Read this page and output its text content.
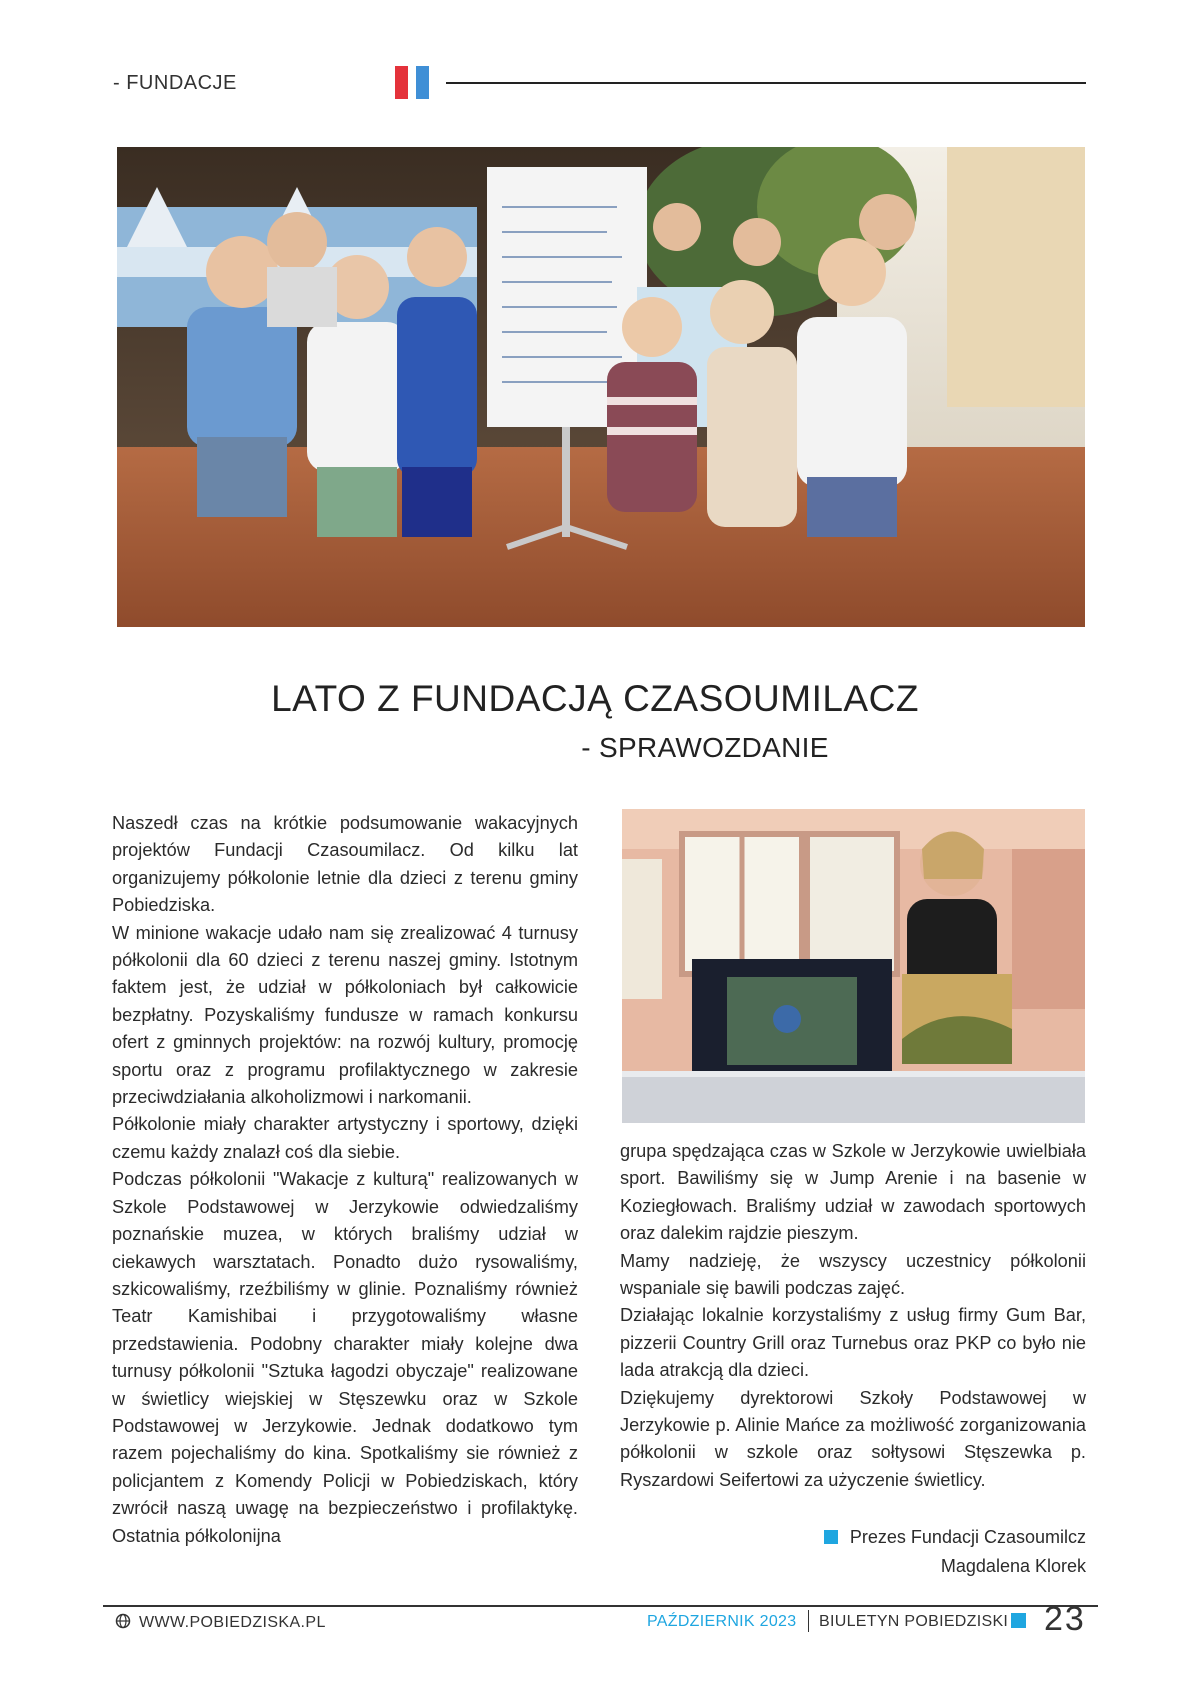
- FUNDACJE
LATO Z FUNDACJĄ CZASOUMILACZ
- SPRAWOZDANIE

Naszedł czas na krótkie podsumowanie wakacyjnych projektów Fundacji Czasoumilacz. Od kilku lat organizujemy półkolonie letnie dla dzieci z terenu gminy Pobiedziska.

W minione wakacje udało nam się zrealizować 4 turnusy półkolonii dla 60 dzieci z terenu naszej gminy. Istotnym faktem jest, że udział w półkoloniach był całkowicie bezpłatny. Pozyskaliśmy fundusze w ramach konkursu ofert z gminnych projektów: na rozwój kultury, promocję sportu oraz z programu profilaktycznego w zakresie przeciwdziałania alkoholizmowi i narkomanii.

Półkolonie miały charakter artystyczny i sportowy, dzięki czemu każdy znalazł coś dla siebie.

Podczas półkolonii "Wakacje z kulturą" realizowanych w Szkole Podstawowej w Jerzykowie odwiedzaliśmy poznańskie muzea, w których braliśmy udział w ciekawych warsztatach. Ponadto dużo rysowaliśmy, szkicowaliśmy, rzeźbiliśmy w glinie. Poznaliśmy również Teatr Kamishibai i przygotowaliśmy własne przedstawienia. Podobny charakter miały kolejne dwa turnusy półkolonii "Sztuka łagodzi obyczaje" realizowane w świetlicy wiejskiej w Stęszewku oraz w Szkole Podstawowej w Jerzykowie. Jednak dodatkowo tym razem pojechaliśmy do kina. Spotkaliśmy sie również z policjantem z Komendy Policji w Pobiedziskach, który zwrócił naszą uwagę na bezpieczeństwo i profilaktykę. Ostatnia półkolonijna

grupa spędzająca czas w Szkole w Jerzykowie uwielbiała sport. Bawiliśmy się w Jump Arenie i na basenie w Koziegłowach. Braliśmy udział w zawodach sportowych oraz dalekim rajdzie pieszym.

Mamy nadzieję, że wszyscy uczestnicy półkolonii wspaniale się bawili podczas zajęć.

Działając lokalnie korzystaliśmy z usług firmy Gum Bar, pizzerii Country Grill oraz Turnebus oraz PKP co było nie lada atrakcją dla dzieci.

Dziękujemy dyrektorowi Szkoły Podstawowej w Jerzykowie p. Alinie Mańce za możliwość zorganizowania półkolonii w szkole oraz sołtysowi Stęszewka p. Ryszardowi Seifertowi za użyczenie świetlicy.

Prezes Fundacji Czasoumilcz
Magdalena Klorek
WWW.POBIEDZISKA.PL	PAŹDZIERNIK 2023 BIULETYN POBIEDZISKI 23
